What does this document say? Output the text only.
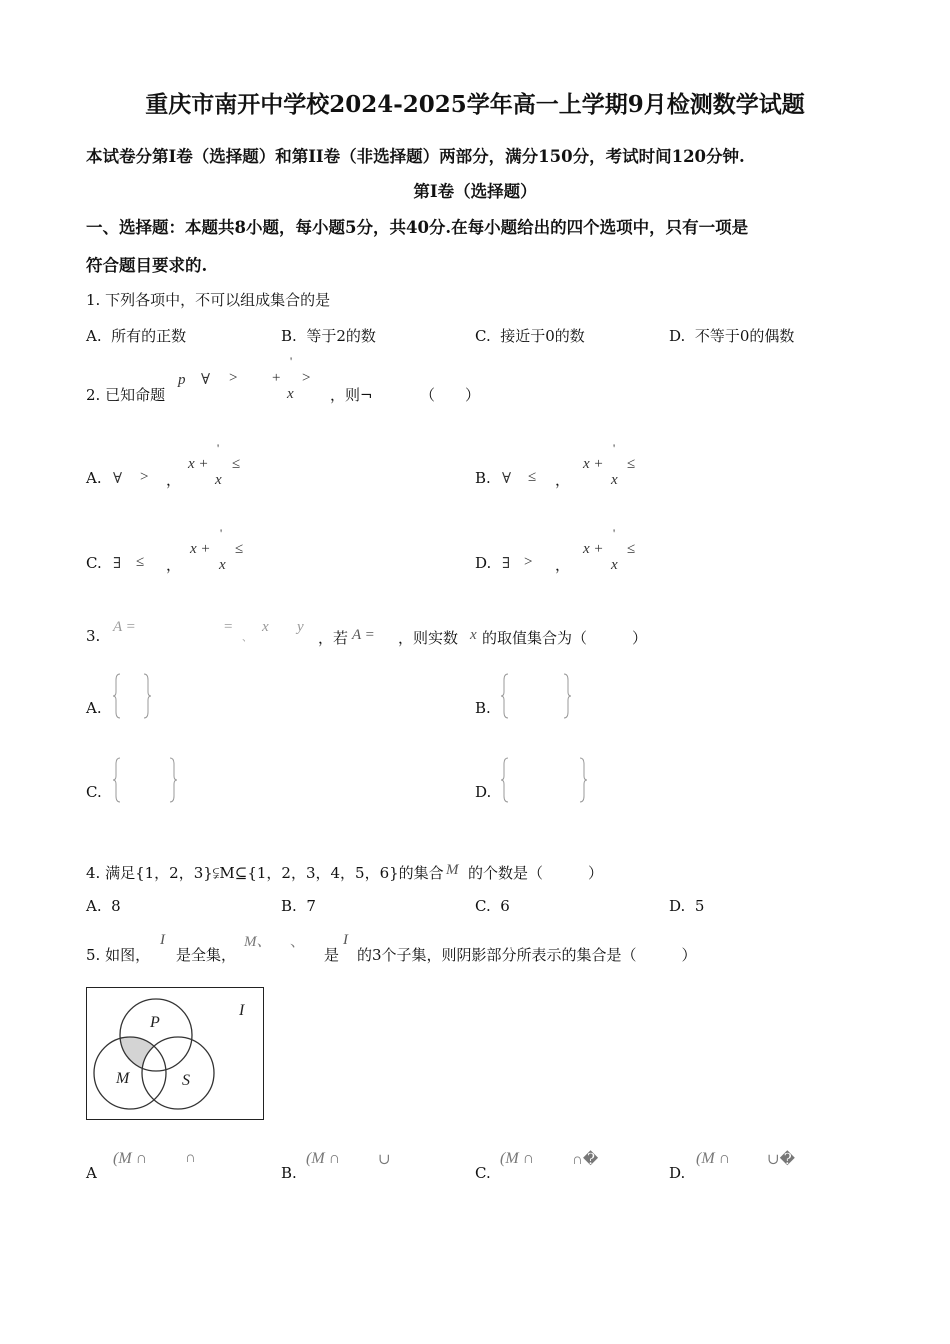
重庆市南开中学校2024-2025学年高一上学期9月检测数学试题
本试卷分第I卷（选择题）和第II卷（非选择题）两部分，满分150分，考试时间120分钟.
第I卷（选择题）
一、选择题：本题共8小题，每小题5分，共40分.在每小题给出的四个选项中，只有一项是
符合题目要求的.
1. 下列各项中，不可以组成集合的是
A. 所有的正数	B. 等于2的数	C. 接近于0的数	D. 不等于0的偶数
2. 已知命题
p ∀ > +
'
>
x ，则¬	（　　）
A. ∀ > ，
x +
'
≤
x	B. ∀ ≤ ，
x +
'
≤
x
C. ∃ ≤ ，
x +
'
≤
x	D. ∃ > ，
x +
'
≤
x
3. A =	=
、
x y
，若 A = ，则实数 x 的取值集合为（　　　）
A.	B.
C.	D.
4. 满足{1，2，3}⫋M⊆{1，2，3，4，5，6}的集合 M 的个数是（　　　）
A. 8	B. 7	C. 6	D. 5
5. 如图，
I
是全集，
M、 、
是
I
的3个子集，则阴影部分所表示的集合是（　　　）
P
M	S
I
A
(M ∩	∩
B.
(M ∩	∪
C.
(M ∩	∩�
D.
(M ∩ ∪�
